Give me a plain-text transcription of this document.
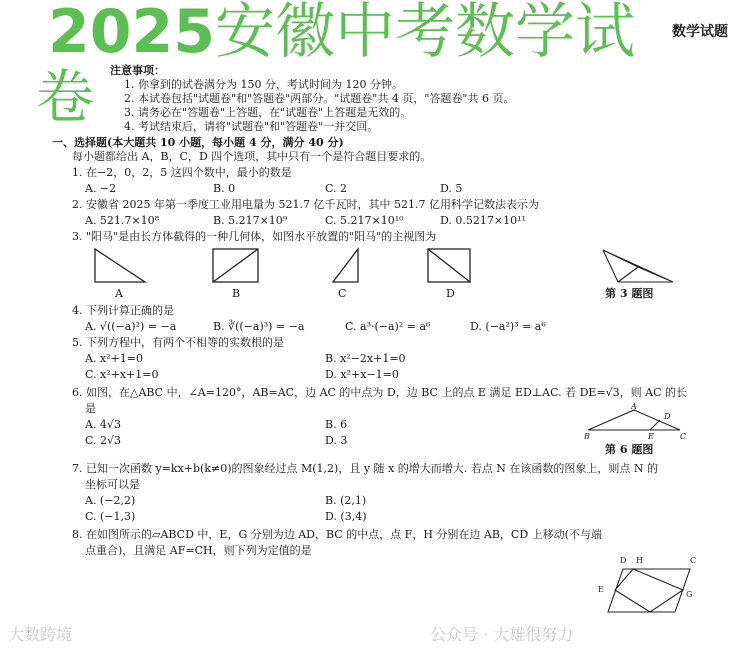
2025安徽中考数学试	数学试题
卷 注意事项：
1. 你拿到的试卷满分为 150 分，考试时间为 120 分钟。
2. 本试卷包括"试题卷"和"答题卷"两部分。"试题卷"共 4 页，"答题卷"共 6 页。
3. 请务必在"答题卷"上答题，在"试题卷"上答题是无效的。
4. 考试结束后，请将"试题卷"和"答题卷"一并交回。
一、选择题(本大题共 10 小题，每小题 4 分，满分 40 分)
每小题都给出 A，B，C，D 四个选项，其中只有一个是符合题目要求的。
1. 在−2，0，2，5 这四个数中，最小的数是
A. −2	B. 0	C. 2	D. 5
2. 安徽省 2025 年第一季度工业用电量为 521.7 亿千瓦时，其中 521.7 亿用科学记数法表示为
A. 521.7×10⁸	B. 5.217×10⁹	C. 5.217×10¹⁰	D. 0.5217×10¹¹
3. "阳马"是由长方体截得的一种几何体，如图水平放置的"阳马"的主视图为
A	B	C	D	第 3 题图
4. 下列计算正确的是
A. √((−a)²) = −a	B. ∛((−a)³) = −a	C. a³·(−a)² = a⁶	D. (−a²)³ = a⁶
5. 下列方程中，有两个不相等的实数根的是
A. x²+1=0	B. x²−2x+1=0
C. x²+x+1=0	D. x²+x−1=0
6. 如图，在△ABC 中，∠A=120°，AB=AC，边 AC 的中点为 D，边 BC 上的点 E 满足 ED⊥AC. 若 DE=√3，则 AC 的长
是
A. 4√3	B. 6
C. 2√3	D. 3
A
D
B	E	C
第 6 题图
7. 已知一次函数 y=kx+b(k≠0)的图象经过点 M(1,2)，且 y 随 x 的增大而增大. 若点 N 在该函数的图象上，则点 N 的
坐标可以是
A. (−2,2)	B. (2,1)
C. (−1,3)	D. (3,4)
8. 在如图所示的▱ABCD 中，E，G 分别为边 AD，BC 的中点，点 F，H 分别在边 AB，CD 上移动(不与端
点重合)，且满足 AF=CH，则下列为定值的是
D H	C
E
G
大数跨境	公众号 · 大雄很努力
